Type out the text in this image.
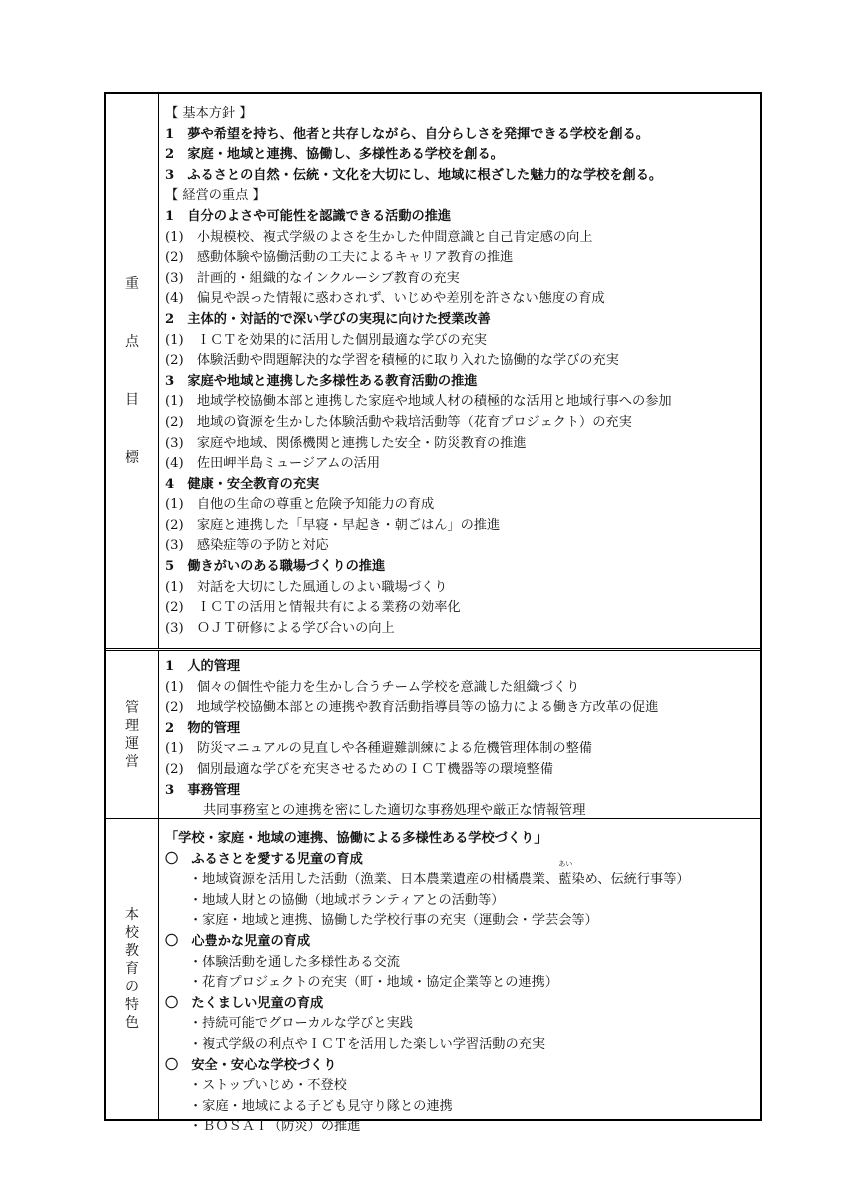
重
点
目
標
【 基本方針 】
1　夢や希望を持ち、他者と共存しながら、自分らしさを発揮できる学校を創る。
2　家庭・地域と連携、協働し、多様性ある学校を創る。
3　ふるさとの自然・伝統・文化を大切にし、地域に根ざした魅力的な学校を創る。
【 経営の重点 】
1　自分のよさや可能性を認識できる活動の推進
(1)　小規模校、複式学級のよさを生かした仲間意識と自己肯定感の向上
(2)　感動体験や協働活動の工夫によるキャリア教育の推進
(3)　計画的・組織的なインクルーシブ教育の充実
(4)　偏見や誤った情報に惑わされず、いじめや差別を許さない態度の育成
2　主体的・対話的で深い学びの実現に向けた授業改善
(1)　ＩＣＴを効果的に活用した個別最適な学びの充実
(2)　体験活動や問題解決的な学習を積極的に取り入れた協働的な学びの充実
3　家庭や地域と連携した多様性ある教育活動の推進
(1)　地域学校協働本部と連携した家庭や地域人材の積極的な活用と地域行事への参加
(2)　地域の資源を生かした体験活動や栽培活動等（花育プロジェクト）の充実
(3)　家庭や地域、関係機関と連携した安全・防災教育の推進
(4)　佐田岬半島ミュージアムの活用
4　健康・安全教育の充実
(1)　自他の生命の尊重と危険予知能力の育成
(2)　家庭と連携した「早寝・早起き・朝ごはん」の推進
(3)　感染症等の予防と対応
5　働きがいのある職場づくりの推進
(1)　対話を大切にした風通しのよい職場づくり
(2)　ＩＣＴの活用と情報共有による業務の効率化
(3)　ＯＪＴ研修による学び合いの向上
管
理
運
営
1　人的管理
(1)　個々の個性や能力を生かし合うチーム学校を意識した組織づくり
(2)　地域学校協働本部との連携や教育活動指導員等の協力による働き方改革の促進
2　物的管理
(1)　防災マニュアルの見直しや各種避難訓練による危機管理体制の整備
(2)　個別最適な学びを充実させるためのＩＣＴ機器等の環境整備
3　事務管理
共同事務室との連携を密にした適切な事務処理や厳正な情報管理
本
校
教
育
の
特
色
「学校・家庭・地域の連携、協働による多様性ある学校づくり」
〇　ふるさとを愛する児童の育成
・地域資源を活用した活動（漁業、日本農業遺産の柑橘農業、
あい
藍染め、伝統行事等）
・地域人財との協働（地域ボランティアとの活動等）
・家庭・地域と連携、協働した学校行事の充実（運動会・学芸会等）
〇　心豊かな児童の育成
・体験活動を通した多様性ある交流
・花育プロジェクトの充実（町・地域・協定企業等との連携）
〇　たくましい児童の育成
・持続可能でグローカルな学びと実践
・複式学級の利点やＩＣＴを活用した楽しい学習活動の充実
〇　安全・安心な学校づくり
・ストップいじめ・不登校
・家庭・地域による子ども見守り隊との連携
・ＢＯＳＡＩ（防災）の推進
